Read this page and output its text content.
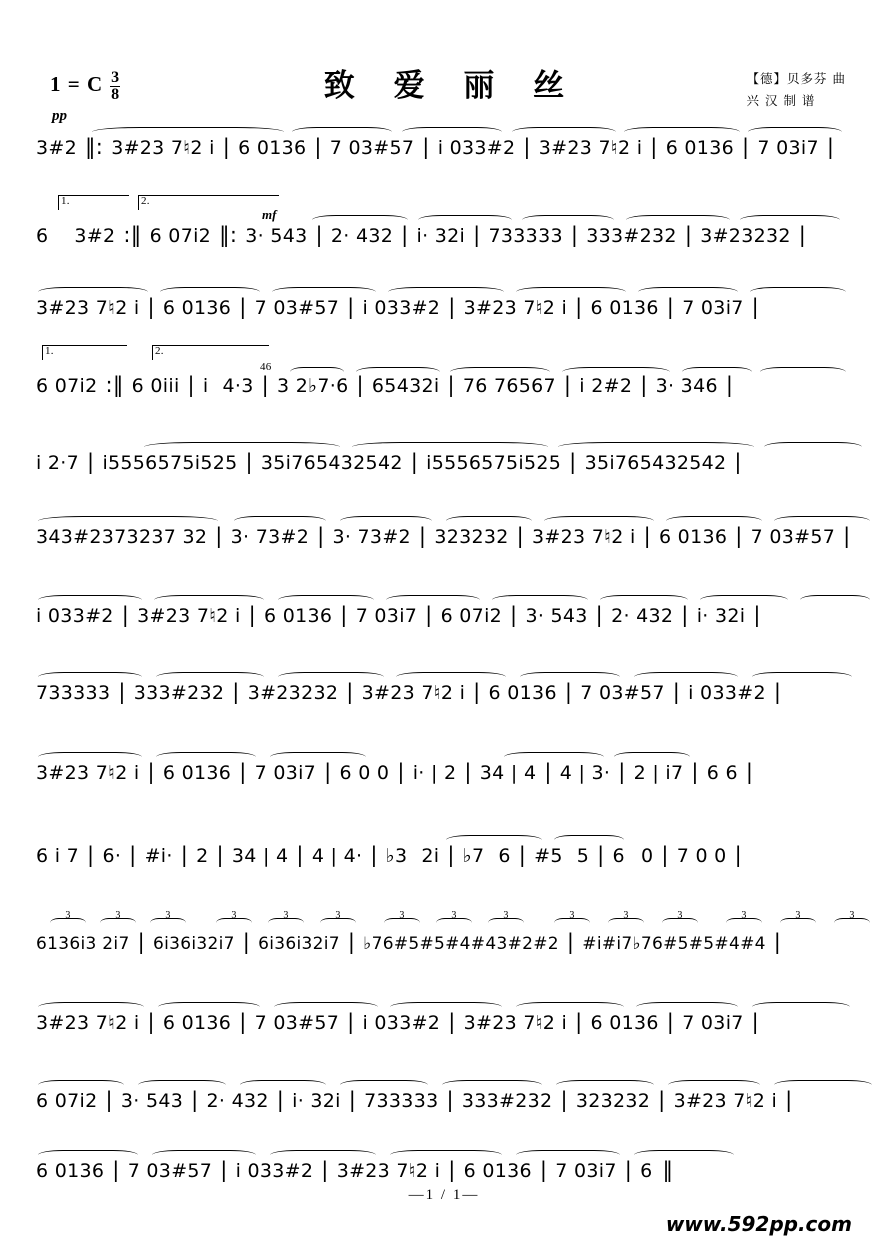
1 = C $\frac{3}{8}$	致 爱 丽 丝	【德】贝多芬 曲
兴 汉 制 谱
pp
mf
3#2 ‖: 3#23 7♮2 i | 6 0136 | 7 03#57 | i 033#2 | 3#23 7♮2 i | 6 0136 | 7 03i7 |
6 3#2 :‖ 6 07i2 ‖: 3· 543 | 2· 432 | i· 32i | 733333 | 333#232 | 3#23232 |
1.	2.
3#23 7♮2 i | 6 0136 | 7 03#57 | i 033#2 | 3#23 7♮2 i | 6 0136 | 7 03i7 |
6 07i2 :‖ 6 0iii | i 4·3 | 3 2♭7·6 | 65432i | 76 76567 | i 2#2 | 3· 346 |
1.	2.
46
i 2·7 | i5556575i525 | 35i765432542 | i5556575i525 | 35i765432542 |
343#2373237 32 | 3· 73#2 | 3· 73#2 | 323232 | 3#23 7♮2 i | 6 0136 | 7 03#57 |
i 033#2 | 3#23 7♮2 i | 6 0136 | 7 03i7 | 6 07i2 | 3· 543 | 2· 432 | i· 32i |
733333 | 333#232 | 3#23232 | 3#23 7♮2 i | 6 0136 | 7 03#57 | i 033#2 |
3#23 7♮2 i | 6 0136 | 7 03i7 | 6 0 0 | i· | 2 | 34 | 4 | 4 | 3· | 2 | i7 | 6 6 |
6 i 7 | 6· | #i· | 2 | 34 | 4 | 4 | 4· | ♭3 2i | ♭7 6 | #5 5 | 6 0 | 7 0 0 |
6136i3 2i7 | 6i36i32i7 | 6i36i32i7 | ♭76#5#5#4#43#2#2 | #i#i7♭76#5#5#4#4 |
3	3	3	3	3	3	3	3	3	3	3	3	3	3	3
3#23 7♮2 i | 6 0136 | 7 03#57 | i 033#2 | 3#23 7♮2 i | 6 0136 | 7 03i7 |
6 07i2 | 3· 543 | 2· 432 | i· 32i | 733333 | 333#232 | 323232 | 3#23 7♮2 i |
6 0136 | 7 03#57 | i 033#2 | 3#23 7♮2 i | 6 0136 | 7 03i7 | 6 ‖
—1 / 1—
www.592pp.com
